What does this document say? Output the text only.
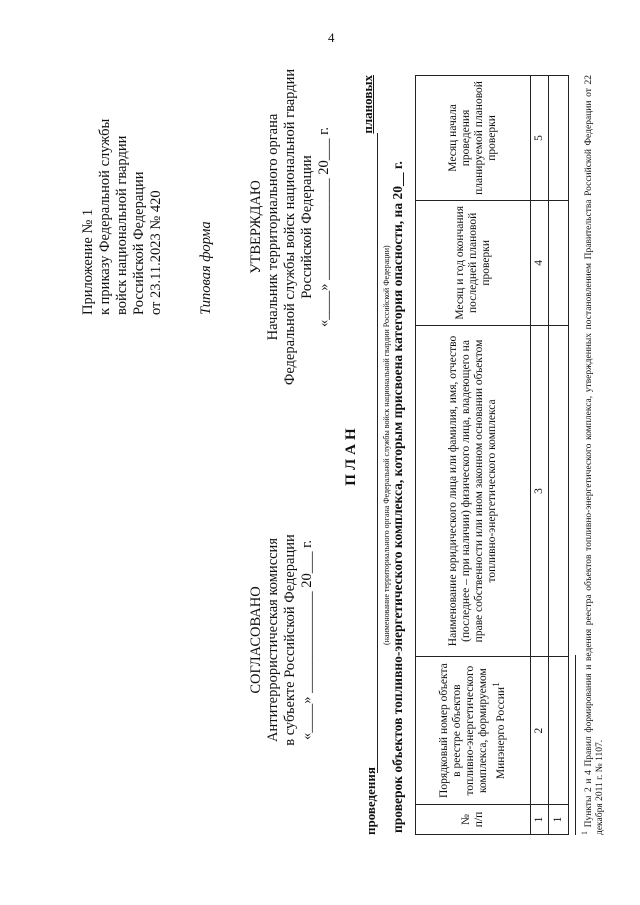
4
Приложение № 1 к приказу Федеральной службы войск национальной гвардии Российской Федерации от 23.11.2023 № 420 Типовая форма УТВЕРЖДАЮ Начальник территориального органа Федеральной службы войск национальной гвардии Российской Федерации «____» ______________ 20___ г.
СОГЛАСОВАНО Антитеррористическая комиссия в субъекте Российской Федерации «____» ______________ 20___ г.
ПЛАН
проведения
плановых
(наименование территориального органа Федеральной службы войск национальной гвардии Российской Федерации) проверок объектов топливно-энергетического комплекса, которым присвоена категория опасности, на 20__ г.	№ п/п	Порядковый номер объекта в реестре объектов топливно-энергетического комплекса, формируемом Минэнерго России$^1$	Наименование юридического лица или фамилия, имя, отчество (последнее – при наличии) физического лица, владеющего на праве собственности или ином законном основании объектом топливно-энергетического комплекса	Месяц и год окончания последней плановой проверки	Месяц начала проведения планируемой плановой проверки
1	2	3	4	5
1				
$^1$ Пункты 2 и 4 Правил формирования и ведения реестра объектов топливно-энергетического комплекса, утвержденных постановлением Правительства Российской Федерации от 22 декабря 2011 г. № 1107.
